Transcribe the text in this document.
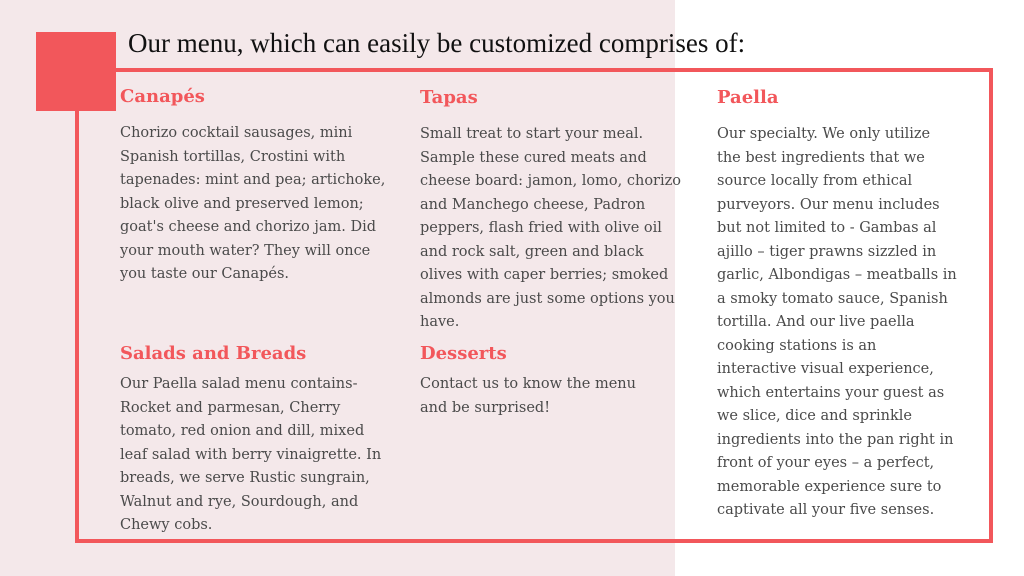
Our menu, which can easily be customized comprises of:
Canapés

Chorizo cocktail sausages, mini Spanish tortillas, Crostini with tapenades: mint and pea; artichoke, black olive and preserved lemon; goat's cheese and chorizo jam. Did your mouth water? They will once you taste our Canapés.

Tapas

Small treat to start your meal. Sample these cured meats and cheese board: jamon, lomo, chorizo and Manchego cheese, Padron peppers, flash fried with olive oil and rock salt, green and black olives with caper berries; smoked almonds are just some options you have.

Paella

Our specialty. We only utilize the best ingredients that we source locally from ethical purveyors. Our menu includes but not limited to - Gambas al ajillo – tiger prawns sizzled in garlic, Albondigas – meatballs in a smoky tomato sauce, Spanish tortilla. And our live paella cooking stations is an interactive visual experience, which entertains your guest as we slice, dice and sprinkle ingredients into the pan right in front of your eyes – a perfect, memorable experience sure to captivate all your five senses.

Salads and Breads

Our Paella salad menu contains- Rocket and parmesan, Cherry tomato, red onion and dill, mixed leaf salad with berry vinaigrette. In breads, we serve Rustic sungrain, Walnut and rye, Sourdough, and Chewy cobs.

Desserts

Contact us to know the menu and be surprised!
